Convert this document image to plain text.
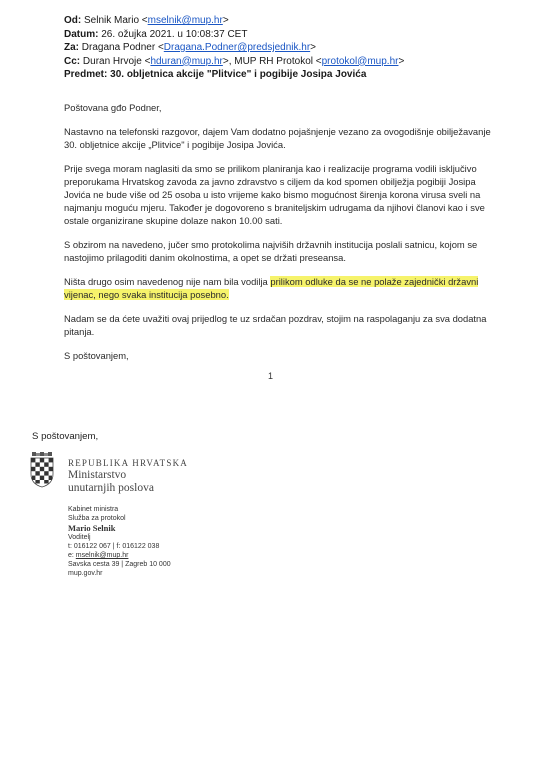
Od: Selnik Mario <mselnik@mup.hr>
Datum: 26. ožujka 2021. u 10:08:37 CET
Za: Dragana Podner <Dragana.Podner@predsjednik.hr>
Cc: Duran Hrvoje <hduran@mup.hr>, MUP RH Protokol <protokol@mup.hr>
Predmet: 30. obljetnica akcije "Plitvice" i pogibije Josipa Jovića

Poštovana gđo Podner,

Nastavno na telefonski razgovor, dajem Vam dodatno pojašnjenje vezano za ovogodišnje obilježavanje 30. obljetnice akcije „Plitvice" i pogibije Josipa Jovića.

Prije svega moram naglasiti da smo se prilikom planiranja kao i realizacije programa vodili isključivo preporukama Hrvatskog zavoda za javno zdravstvo s ciljem da kod spomen obilježja pogibiji Josipa Jovića ne bude više od 25 osoba u isto vrijeme kako bismo mogućnost širenja korona virusa sveli na najmanju moguću mjeru. Također je dogovoreno s braniteljskim udrugama da njihovi članovi kao i sve ostale organizirane skupine dolaze nakon 10.00 sati.

S obzirom na navedeno, jučer smo protokolima najviših državnih institucija poslali satnicu, kojom se nastojimo prilagoditi danim okolnostima, a opet se držati preseansa.

Ništa drugo osim navedenog nije nam bila vodilja prilikom odluke da se ne polaže zajednički državni vijenac, nego svaka institucija posebno.

Nadam se da ćete uvažiti ovaj prijedlog te uz srdačan pozdrav, stojim na raspolaganju za sva dodatna pitanja.

S poštovanjem,

1
S poštovanjem,
REPUBLIKA HRVATSKA
Ministarstvo
unutarnjih poslova
Kabinet ministra
Služba za protokol
Mario Selnik
Voditelj
t: 016122 067 | f: 016122 038
e: mselnik@mup.hr
Savska cesta 39 | Zagreb 10 000
mup.gov.hr
